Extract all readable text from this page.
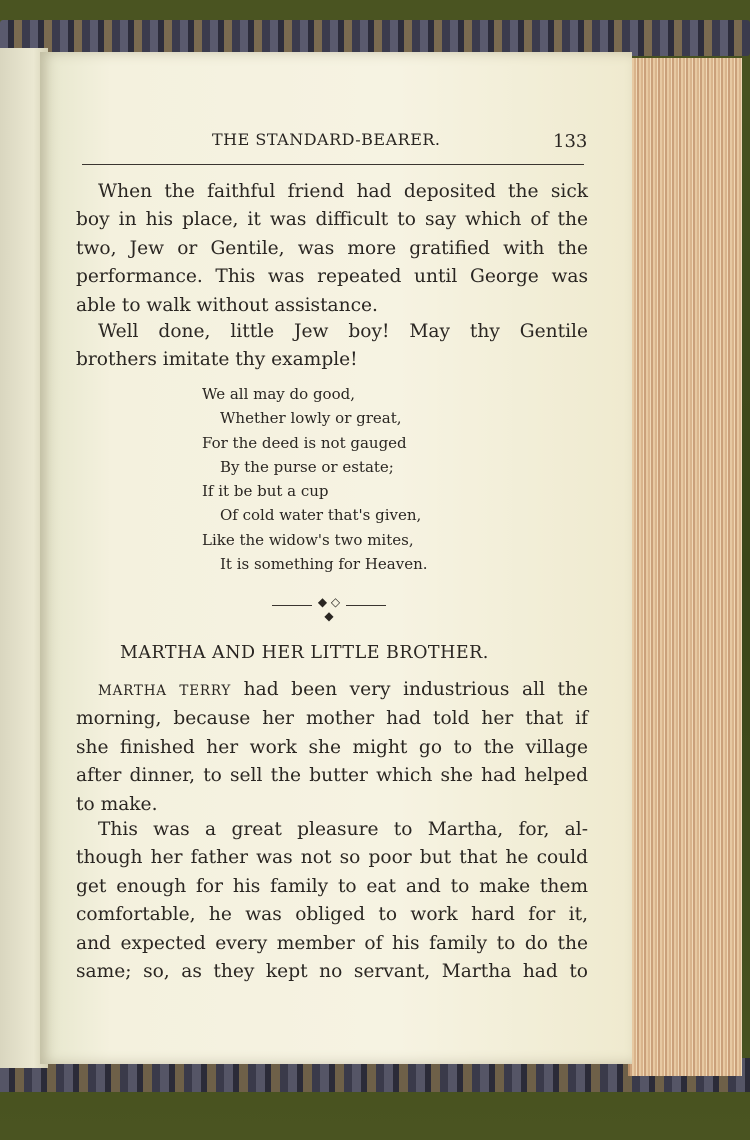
THE STANDARD-BEARER.	133
When the faithful friend had deposited the sick
boy in his place, it was difficult to say which of the
two, Jew or Gentile, was more gratified with the
performance. This was repeated until George was
able to walk without assistance.
Well done, little Jew boy! May thy Gentile
brothers imitate thy example!
We all may do good,
Whether lowly or great,
For the deed is not gauged
By the purse or estate;
If it be but a cup
Of cold water that's given,
Like the widow's two mites,
It is something for Heaven.
◆ ◇ ◆
MARTHA AND HER LITTLE BROTHER.
MARTHA TERRY had been very industrious all the
morning, because her mother had told her that if
she finished her work she might go to the village
after dinner, to sell the butter which she had helped
to make.
This was a great pleasure to Martha, for, al-
though her father was not so poor but that he could
get enough for his family to eat and to make them
comfortable, he was obliged to work hard for it,
and expected every member of his family to do the
same; so, as they kept no servant, Martha had to
